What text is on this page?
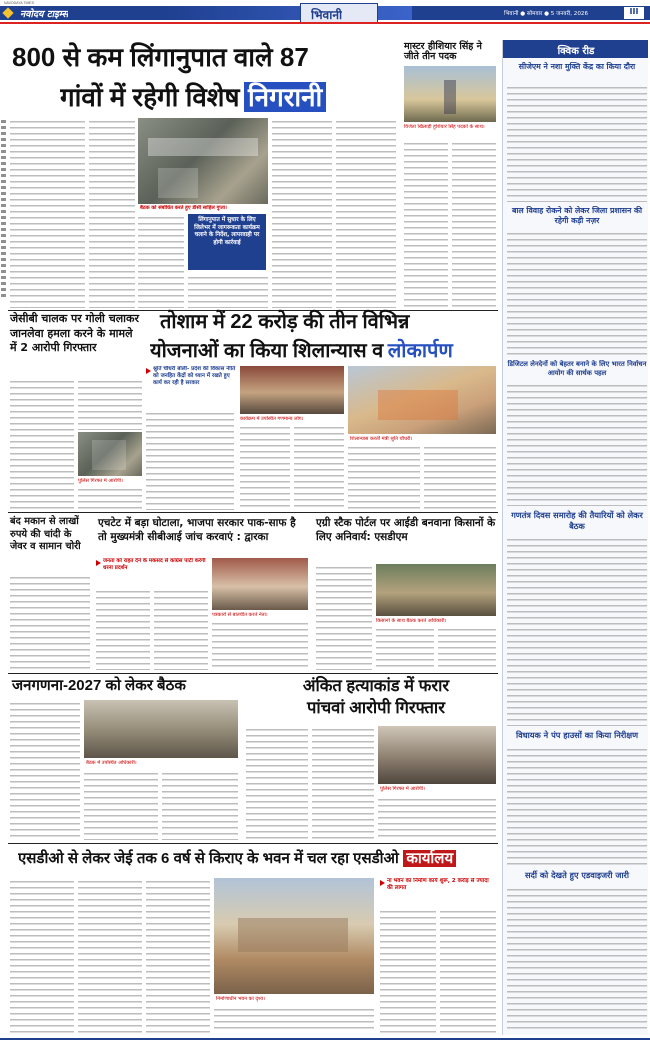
NAVODAYA TIMES
नवोदय टाइम्स	भिवानी	भिवानी ● सोमवार ● 5 जनवरी, 2026	III
800 से कम लिंगानुपात वाले 87
गांवों में रहेगी विशेष निगरानी
बैठक को संबोधित करते हुए डीसी साहिल गुप्ता।
लिंगानुपात में सुधार के लिए जिलेभर में जागरूकता कार्यक्रम चलाने के निर्देश, लापरवाही पर होगी कार्रवाई
मास्टर हीशियार सिंह ने जीते तीन पदक
विजेता खिलाड़ी हुशियार सिंह पदकों के साथ।
जेसीबी चालक पर गोली चलाकर जानलेवा हमला करने के मामले में 2 आरोपी गिरफ्तार
पुलिस गिरफ्त में आरोपी।
तोशाम में 22 करोड़ की तीन विभिन्न
योजनाओं का किया शिलान्यास व लोकार्पण
श्रुति चौधरी बोलीं- प्रदेश की विकास नीति को जनहित केंद्रों को ध्यान में रखते हुए कार्य कर रही है सरकार
कार्यक्रम में उपस्थित गणमान्य लोग।
शिलान्यास करतीं मंत्री श्रुति चौधरी।
बंद मकान से लाखों रुपये की चांदी के जेवर व सामान चोरी
एचटेट में बड़ा घोटाला, भाजपा सरकार पाक-साफ है तो मुख्यमंत्री सीबीआई जांच करवाएं : द्वारका
जनता को राहत देने के मकसद से कांग्रेस पार्टी करेगी धरना प्रदर्शन
पत्रकारों से बातचीत करते नेता।
एग्री स्टैक पोर्टल पर आईडी बनवाना किसानों के लिए अनिवार्य: एसडीएम
किसानों के साथ बैठक करते अधिकारी।
जनगणना-2027 को लेकर बैठक
बैठक में उपस्थित अधिकारी।
अंकित हत्याकांड में फरार
पांचवां आरोपी गिरफ्तार
पुलिस गिरफ्त में आरोपी।
एसडीओ से लेकर जेई तक 6 वर्ष से किराए के भवन में चल रहा एसडीओ कार्यालय
निर्माणाधीन भवन का दृश्य।
ना भवन का निर्माण कार्य शुरू, 2 करोड़ से ज्यादा की लागत
क्विक रीड
सीजेएम ने नशा मुक्ति केंद्र का किया दौरा
बाल विवाह रोकने को लेकर जिला प्रशासन की रहेगी कड़ी नज़र
डिजिटल लेनदेनों को बेहतर बनाने के लिए भारत निर्वाचन आयोग की सार्थक पहल
गणतंत्र दिवस समारोह की तैयारियों को लेकर बैठक
विधायक ने पंप हाउसों का किया निरीक्षण
सर्दी को देखते हुए एडवाइजरी जारी
